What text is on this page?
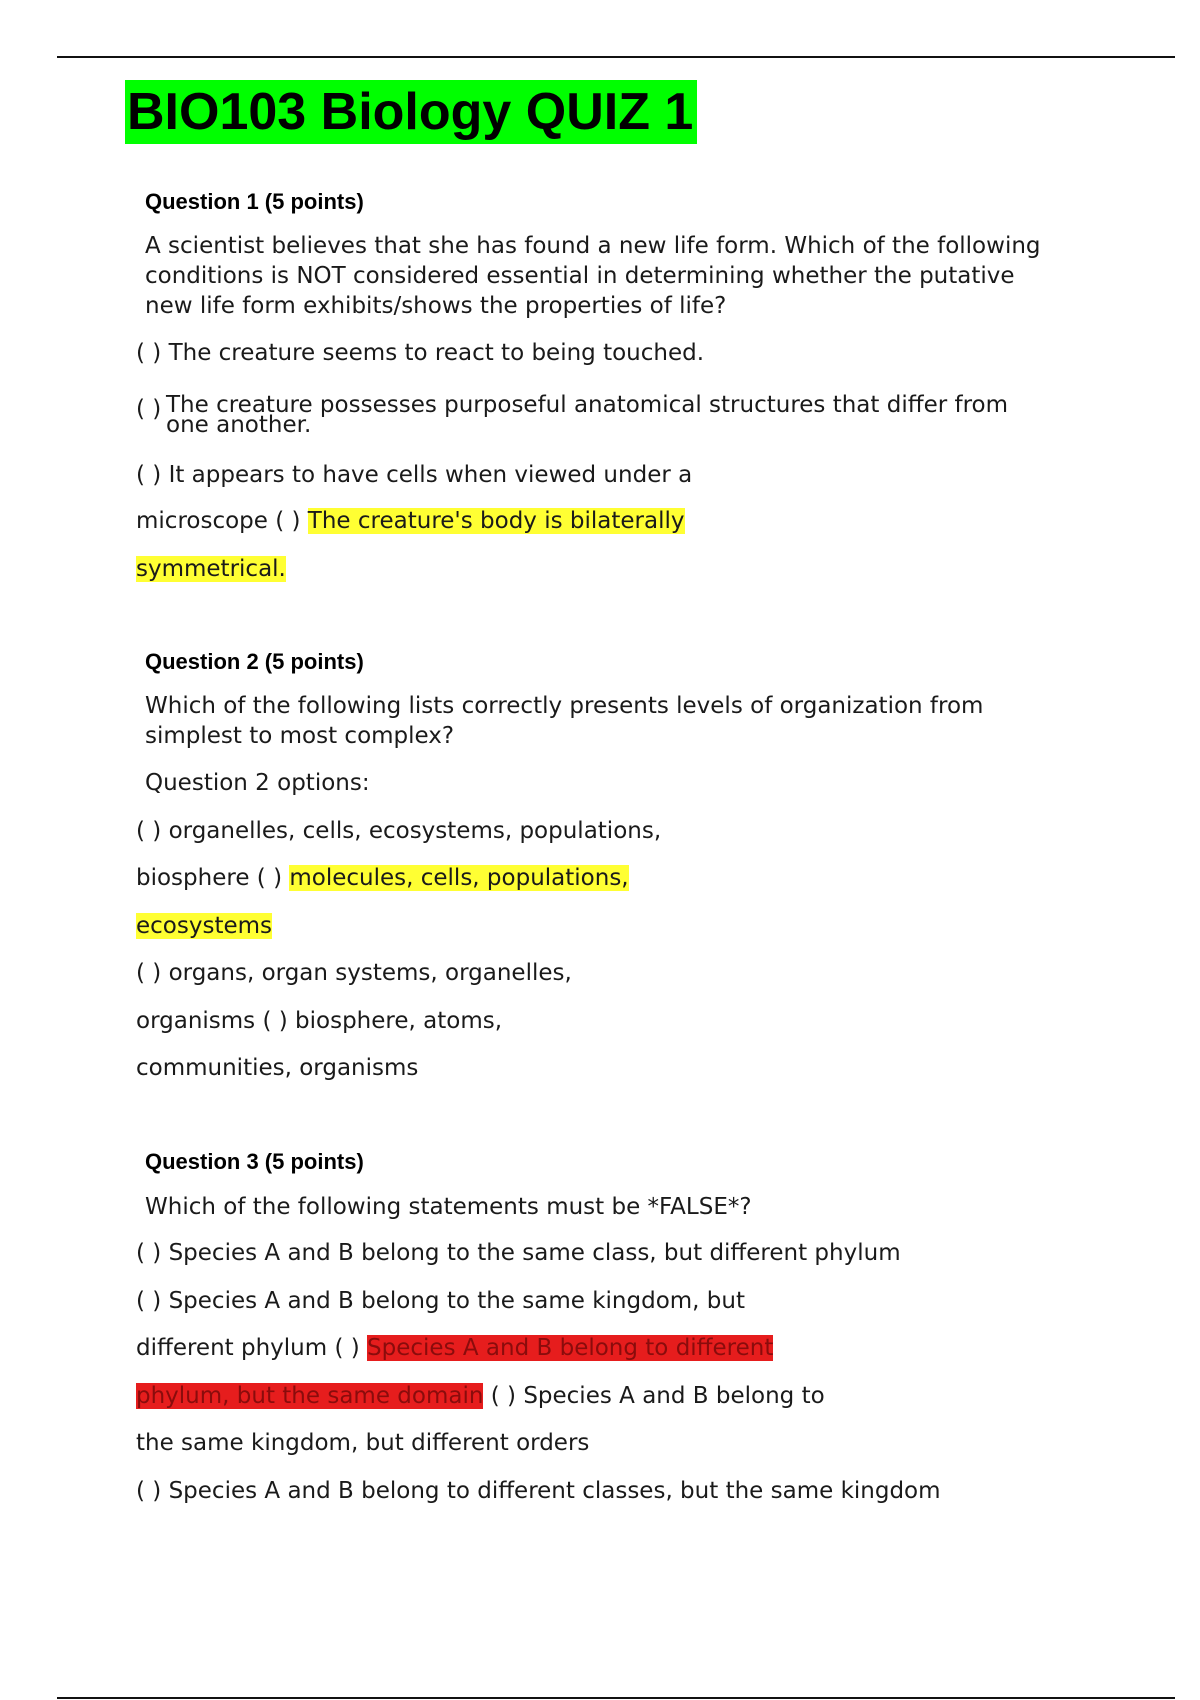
BIO103 Biology QUIZ 1
Question 1 (5 points)
A scientist believes that she has found a new life form. Which of the following
conditions is NOT considered essential in determining whether the putative
new life form exhibits/shows the properties of life?
( ) The creature seems to react to being touched.
( ) The creature possesses purposeful anatomical structures that differ from
one another.
( ) It appears to have cells when viewed under a
microscope ( ) The creature's body is bilaterally
symmetrical.
Question 2 (5 points)
Which of the following lists correctly presents levels of organization from
simplest to most complex?
Question 2 options:
( ) organelles, cells, ecosystems, populations,
biosphere ( ) molecules, cells, populations,
ecosystems
( ) organs, organ systems, organelles,
organisms ( ) biosphere, atoms,
communities, organisms
Question 3 (5 points)
Which of the following statements must be *FALSE*?
( ) Species A and B belong to the same class, but different phylum
( ) Species A and B belong to the same kingdom, but
different phylum ( ) Species A and B belong to different
phylum, but the same domain ( ) Species A and B belong to
the same kingdom, but different orders
( ) Species A and B belong to different classes, but the same kingdom
